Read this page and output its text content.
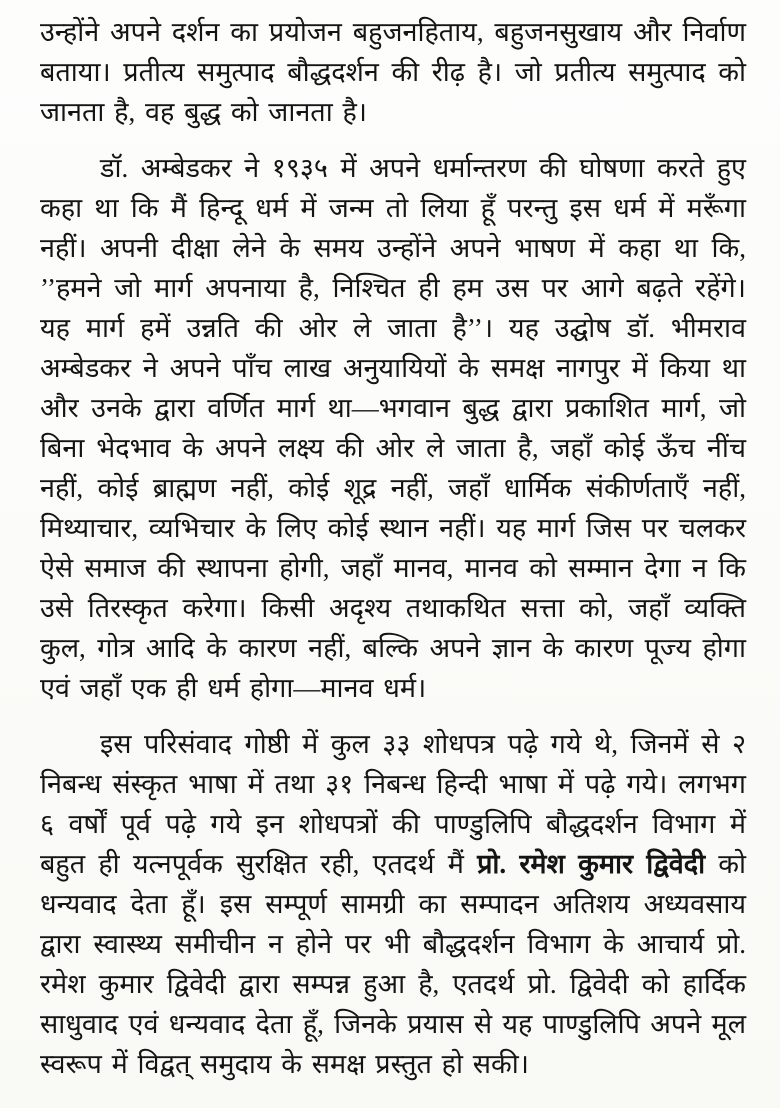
उन्होंने अपने दर्शन का प्रयोजन बहुजनहिताय, बहुजनसुखाय और निर्वाण बताया। प्रतीत्य समुत्पाद बौद्धदर्शन की रीढ़ है। जो प्रतीत्य समुत्पाद को जानता है, वह बुद्ध को जानता है।

डॉ. अम्बेडकर ने १९३५ में अपने धर्मान्तरण की घोषणा करते हुए कहा था कि मैं हिन्दू धर्म में जन्म तो लिया हूँ परन्तु इस धर्म में मरूँगा नहीं। अपनी दीक्षा लेने के समय उन्होंने अपने भाषण में कहा था कि, ’’हमने जो मार्ग अपनाया है, निश्चित ही हम उस पर आगे बढ़ते रहेंगे। यह मार्ग हमें उन्नति की ओर ले जाता है’’। यह उद्घोष डॉ. भीमराव अम्बेडकर ने अपने पाँच लाख अनुयायियों के समक्ष नागपुर में किया था और उनके द्वारा वर्णित मार्ग था—भगवान बुद्ध द्वारा प्रकाशित मार्ग, जो बिना भेदभाव के अपने लक्ष्य की ओर ले जाता है, जहाँ कोई ऊँच नींच नहीं, कोई ब्राह्मण नहीं, कोई शूद्र नहीं, जहाँ धार्मिक संकीर्णताएँ नहीं, मिथ्याचार, व्यभिचार के लिए कोई स्थान नहीं। यह मार्ग जिस पर चलकर ऐसे समाज की स्थापना होगी, जहाँ मानव, मानव को सम्मान देगा न कि उसे तिरस्कृत करेगा। किसी अदृश्य तथाकथित सत्ता को, जहाँ व्यक्ति कुल, गोत्र आदि के कारण नहीं, बल्कि अपने ज्ञान के कारण पूज्य होगा एवं जहाँ एक ही धर्म होगा—मानव धर्म।

इस परिसंवाद गोष्ठी में कुल ३३ शोधपत्र पढ़े गये थे, जिनमें से २ निबन्ध संस्कृत भाषा में तथा ३१ निबन्ध हिन्दी भाषा में पढ़े गये। लगभग ६ वर्षों पूर्व पढ़े गये इन शोधपत्रों की पाण्डुलिपि बौद्धदर्शन विभाग में बहुत ही यत्नपूर्वक सुरक्षित रही, एतदर्थ मैं प्रो. रमेश कुमार द्विवेदी को धन्यवाद देता हूँ। इस सम्पूर्ण सामग्री का सम्पादन अतिशय अध्यवसाय द्वारा स्वास्थ्य समीचीन न होने पर भी बौद्धदर्शन विभाग के आचार्य प्रो. रमेश कुमार द्विवेदी द्वारा सम्पन्न हुआ है, एतदर्थ प्रो. द्विवेदी को हार्दिक साधुवाद एवं धन्यवाद देता हूँ, जिनके प्रयास से यह पाण्डुलिपि अपने मूल स्वरूप में विद्वत् समुदाय के समक्ष प्रस्तुत हो सकी।
